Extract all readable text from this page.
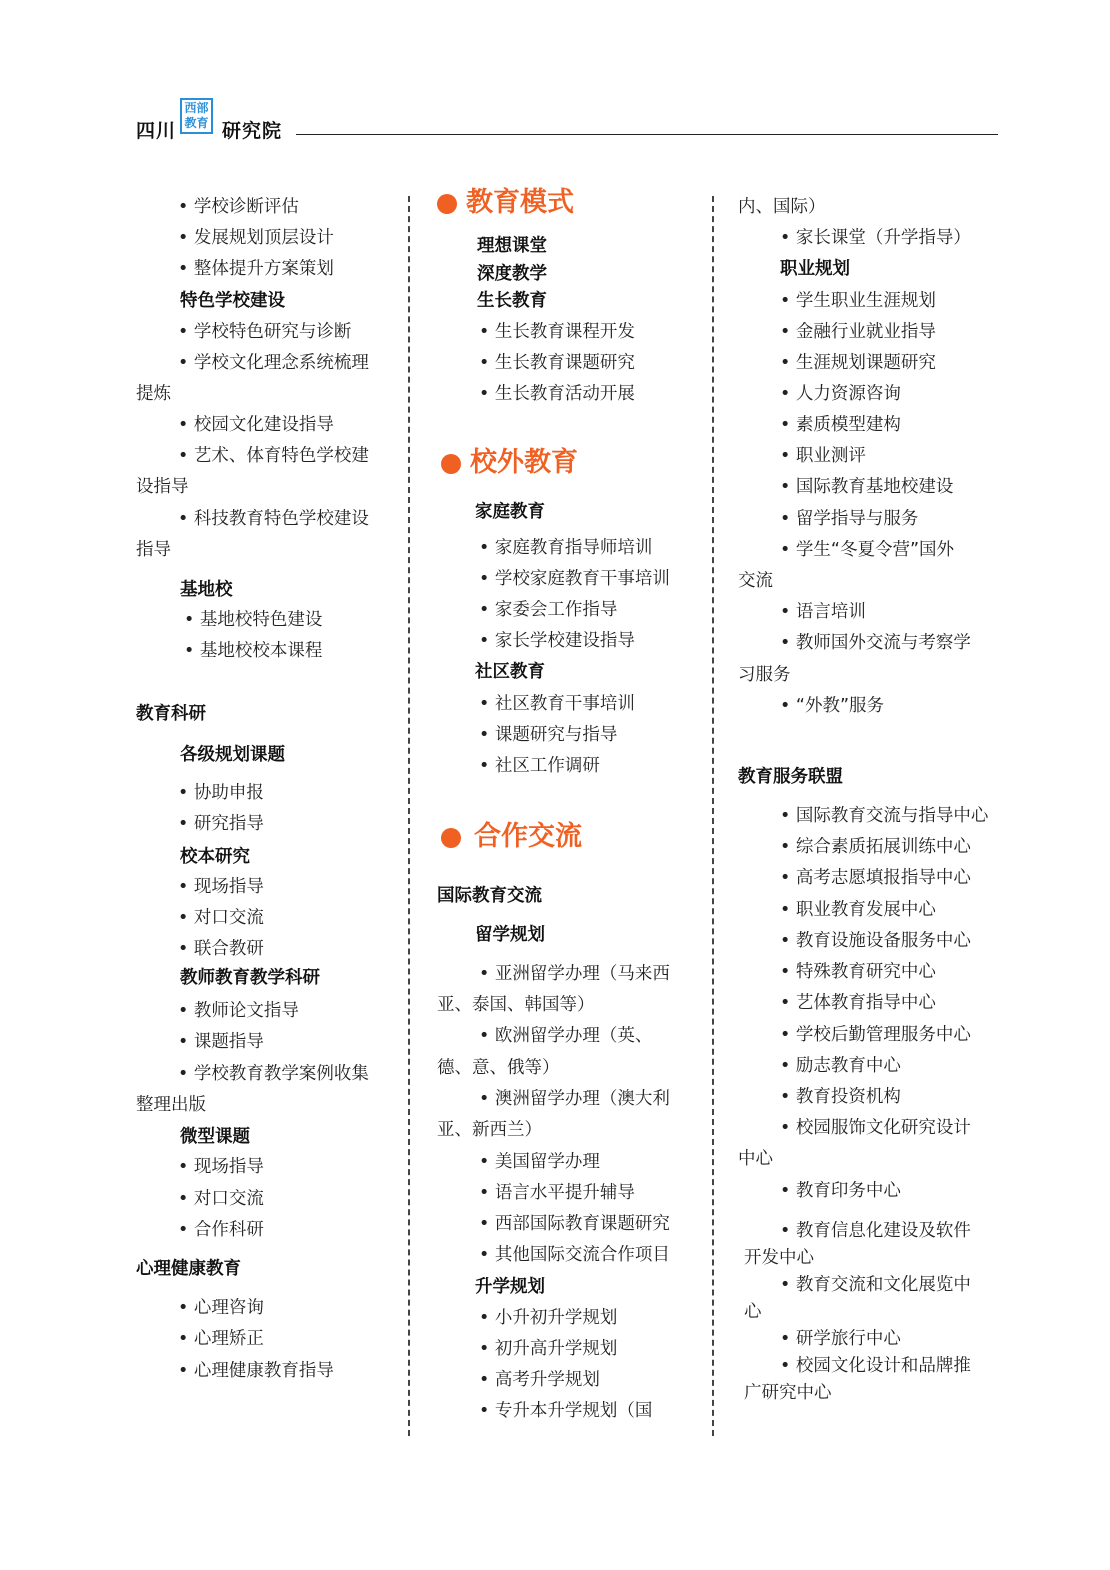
四川
西部
教育 研究院
• 学校诊断评估
• 发展规划顶层设计
• 整体提升方案策划
特色学校建设
• 学校特色研究与诊断
• 学校文化理念系统梳理
提炼
• 校园文化建设指导
• 艺术、体育特色学校建
设指导
• 科技教育特色学校建设
指导
基地校
• 基地校特色建设
• 基地校校本课程
教育科研
各级规划课题
• 协助申报
• 研究指导
校本研究
• 现场指导
• 对口交流
• 联合教研
教师教育教学科研
• 教师论文指导
• 课题指导
• 学校教育教学案例收集
整理出版
微型课题
• 现场指导
• 对口交流
• 合作科研
心理健康教育
• 心理咨询
• 心理矫正
• 心理健康教育指导
教育模式
理想课堂
深度教学
生长教育
• 生长教育课程开发
• 生长教育课题研究
• 生长教育活动开展
校外教育
家庭教育
• 家庭教育指导师培训
• 学校家庭教育干事培训
• 家委会工作指导
• 家长学校建设指导
社区教育
• 社区教育干事培训
• 课题研究与指导
• 社区工作调研
合作交流
国际教育交流
留学规划
• 亚洲留学办理（马来西
亚、泰国、韩国等）
• 欧洲留学办理（英、
德、意、俄等）
• 澳洲留学办理（澳大利
亚、新西兰）
• 美国留学办理
• 语言水平提升辅导
• 西部国际教育课题研究
• 其他国际交流合作项目
升学规划
• 小升初升学规划
• 初升高升学规划
• 高考升学规划
• 专升本升学规划（国
内、国际）
• 家长课堂（升学指导）
职业规划
• 学生职业生涯规划
• 金融行业就业指导
• 生涯规划课题研究
• 人力资源咨询
• 素质模型建构
• 职业测评
• 国际教育基地校建设
• 留学指导与服务
• 学生“冬夏令营”国外
交流
• 语言培训
• 教师国外交流与考察学
习服务
• “外教”服务
教育服务联盟
• 国际教育交流与指导中心
• 综合素质拓展训练中心
• 高考志愿填报指导中心
• 职业教育发展中心
• 教育设施设备服务中心
• 特殊教育研究中心
• 艺体教育指导中心
• 学校后勤管理服务中心
• 励志教育中心
• 教育投资机构
• 校园服饰文化研究设计
中心
• 教育印务中心
• 教育信息化建设及软件
开发中心
• 教育交流和文化展览中
心
• 研学旅行中心
• 校园文化设计和品牌推
广研究中心
